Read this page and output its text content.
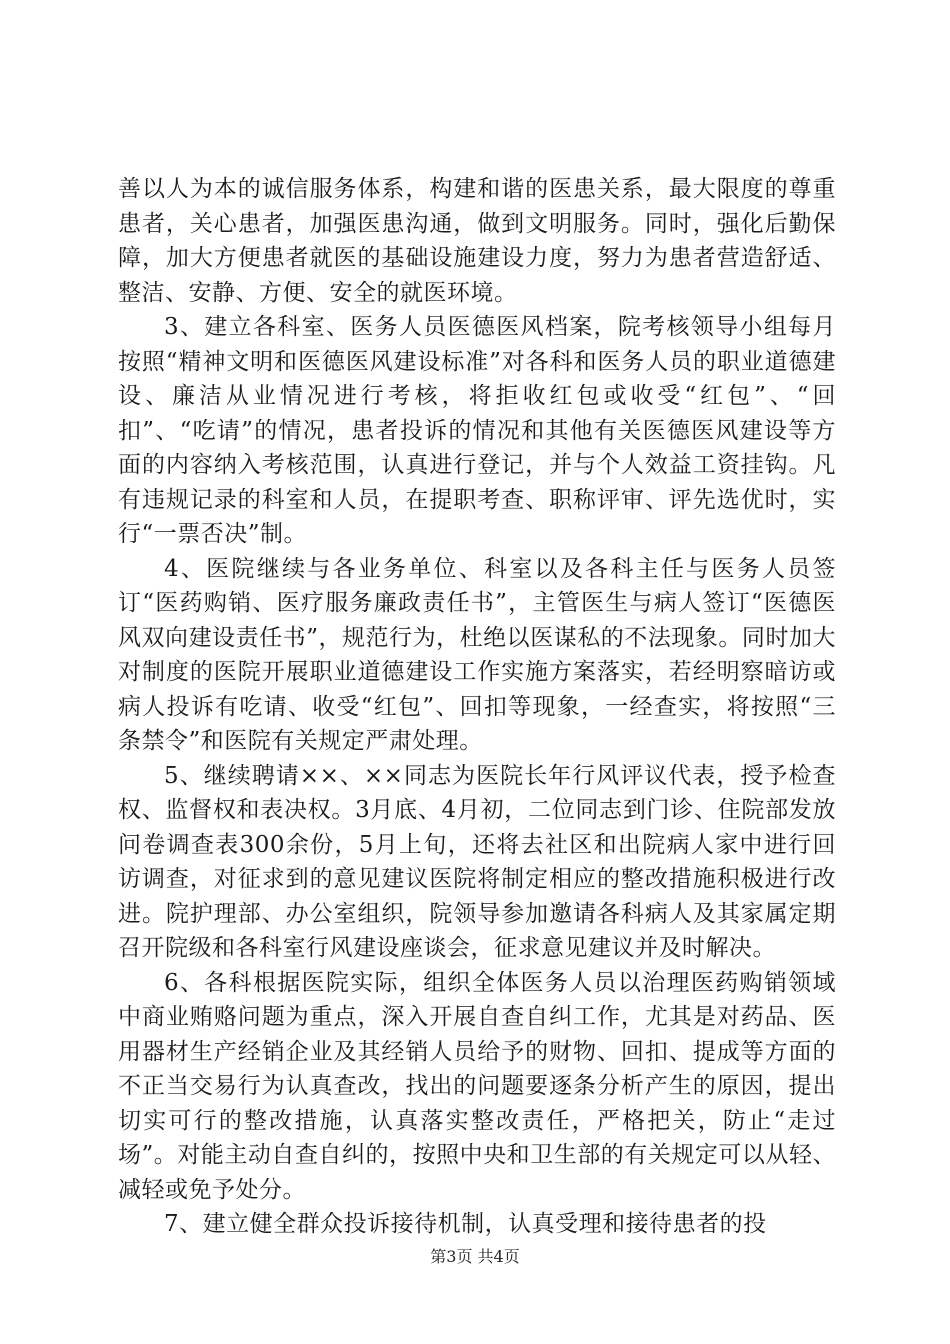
善以人为本的诚信服务体系，构建和谐的医患关系，最大限度的尊重患者，关心患者，加强医患沟通，做到文明服务。同时，强化后勤保障，加大方便患者就医的基础设施建设力度，努力为患者营造舒适、整洁、安静、方便、安全的就医环境。

3、建立各科室、医务人员医德医风档案，院考核领导小组每月按照“精神文明和医德医风建设标准”对各科和医务人员的职业道德建设、廉洁从业情况进行考核，将拒收红包或收受“红包”、“回扣”、“吃请”的情况，患者投诉的情况和其他有关医德医风建设等方面的内容纳入考核范围，认真进行登记，并与个人效益工资挂钩。凡有违规记录的科室和人员，在提职考查、职称评审、评先选优时，实行“一票否决”制。

4、医院继续与各业务单位、科室以及各科主任与医务人员签订“医药购销、医疗服务廉政责任书”，主管医生与病人签订“医德医风双向建设责任书”，规范行为，杜绝以医谋私的不法现象。同时加大对制度的医院开展职业道德建设工作实施方案落实，若经明察暗访或病人投诉有吃请、收受“红包”、回扣等现象，一经查实，将按照“三条禁令”和医院有关规定严肃处理。

5、继续聘请××、××同志为医院长年行风评议代表，授予检查权、监督权和表决权。3月底、4月初，二位同志到门诊、住院部发放问卷调查表300余份，5月上旬，还将去社区和出院病人家中进行回访调查，对征求到的意见建议医院将制定相应的整改措施积极进行改进。院护理部、办公室组织，院领导参加邀请各科病人及其家属定期召开院级和各科室行风建设座谈会，征求意见建议并及时解决。

6、各科根据医院实际，组织全体医务人员以治理医药购销领域中商业贿赂问题为重点，深入开展自查自纠工作，尤其是对药品、医用器材生产经销企业及其经销人员给予的财物、回扣、提成等方面的不正当交易行为认真查改，找出的问题要逐条分析产生的原因，提出切实可行的整改措施，认真落实整改责任，严格把关，防止“走过场”。对能主动自查自纠的，按照中央和卫生部的有关规定可以从轻、减轻或免予处分。

7、建立健全群众投诉接待机制，认真受理和接待患者的投

第3页 共4页
